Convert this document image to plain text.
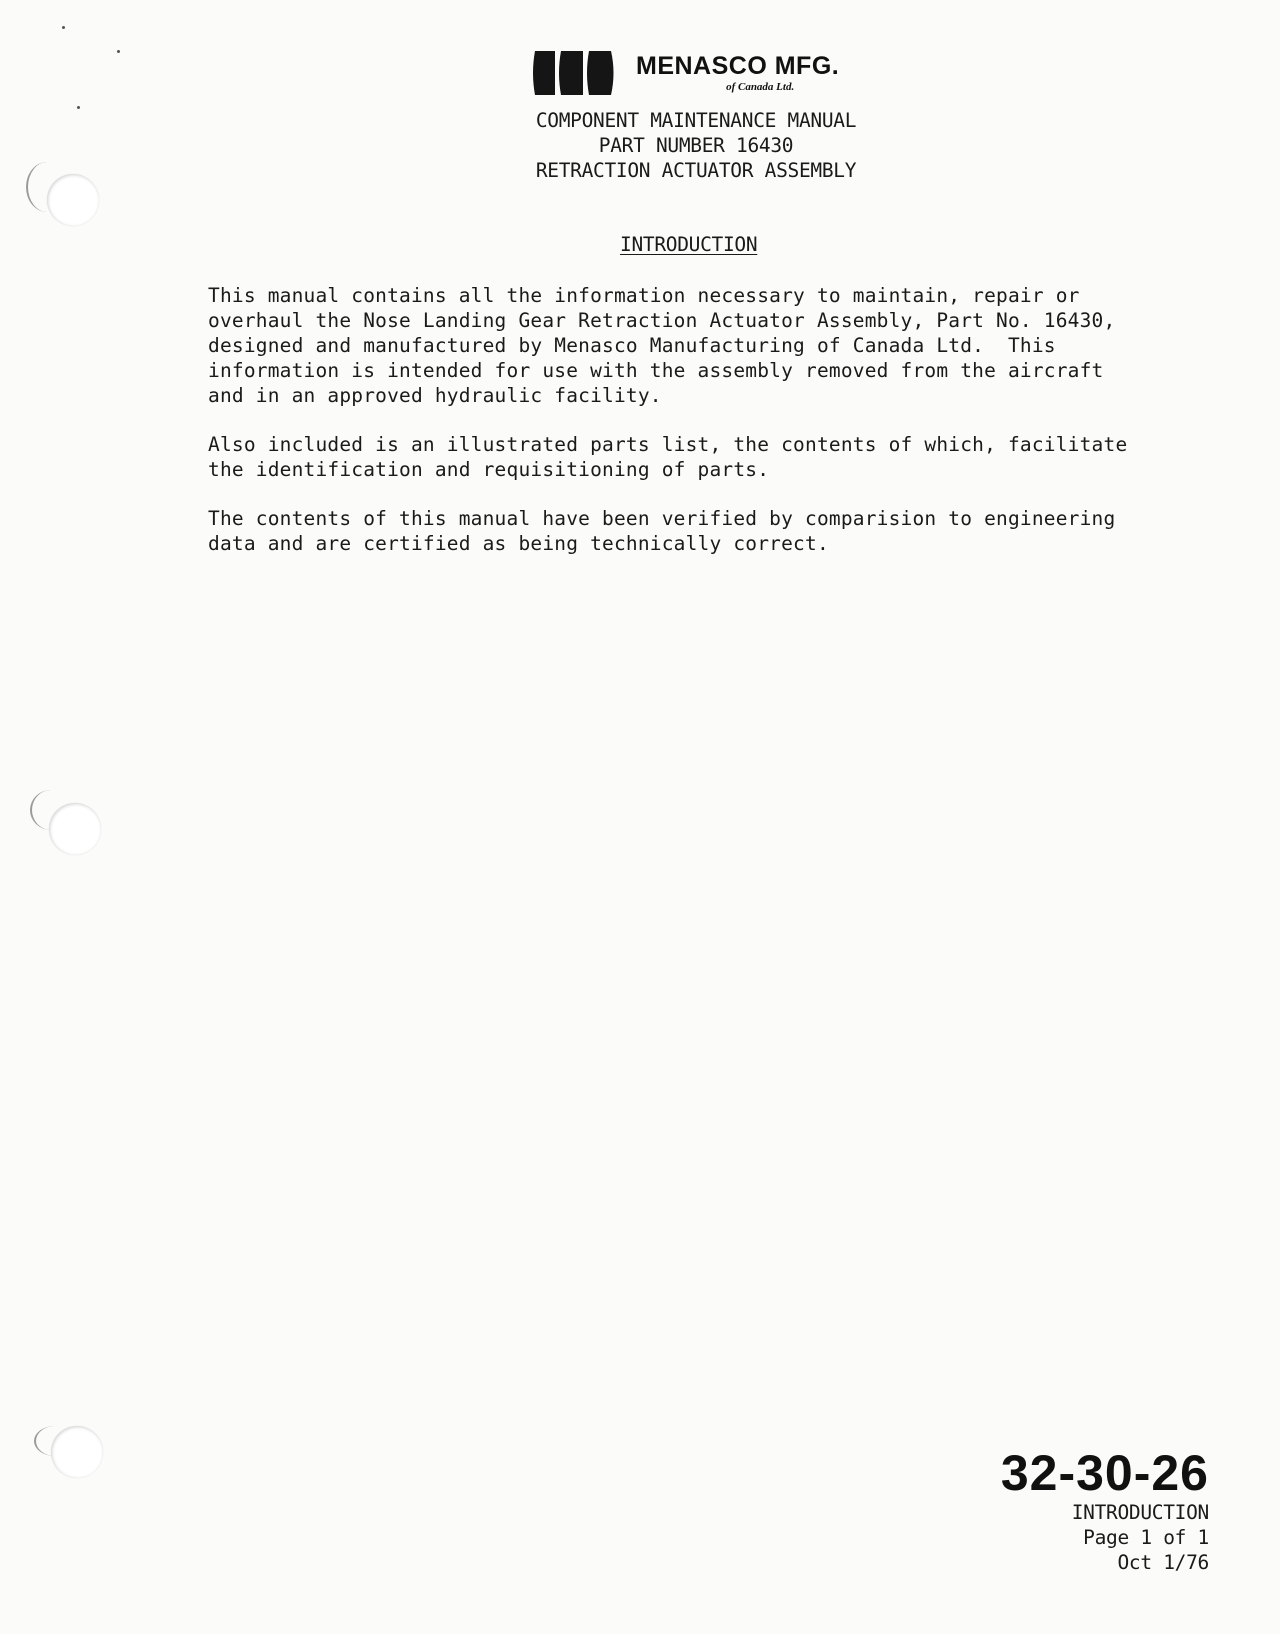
MENASCO MFG.
of Canada Ltd.
COMPONENT MAINTENANCE MANUAL
PART NUMBER 16430
RETRACTION ACTUATOR ASSEMBLY
INTRODUCTION
This manual contains all the information necessary to maintain, repair or
overhaul the Nose Landing Gear Retraction Actuator Assembly, Part No. 16430,
designed and manufactured by Menasco Manufacturing of Canada Ltd.  This
information is intended for use with the assembly removed from the aircraft
and in an approved hydraulic facility.
Also included is an illustrated parts list, the contents of which, facilitate
the identification and requisitioning of parts.
The contents of this manual have been verified by comparision to engineering
data and are certified as being technically correct.
32-30-26
INTRODUCTION
Page 1 of 1
Oct 1/76
